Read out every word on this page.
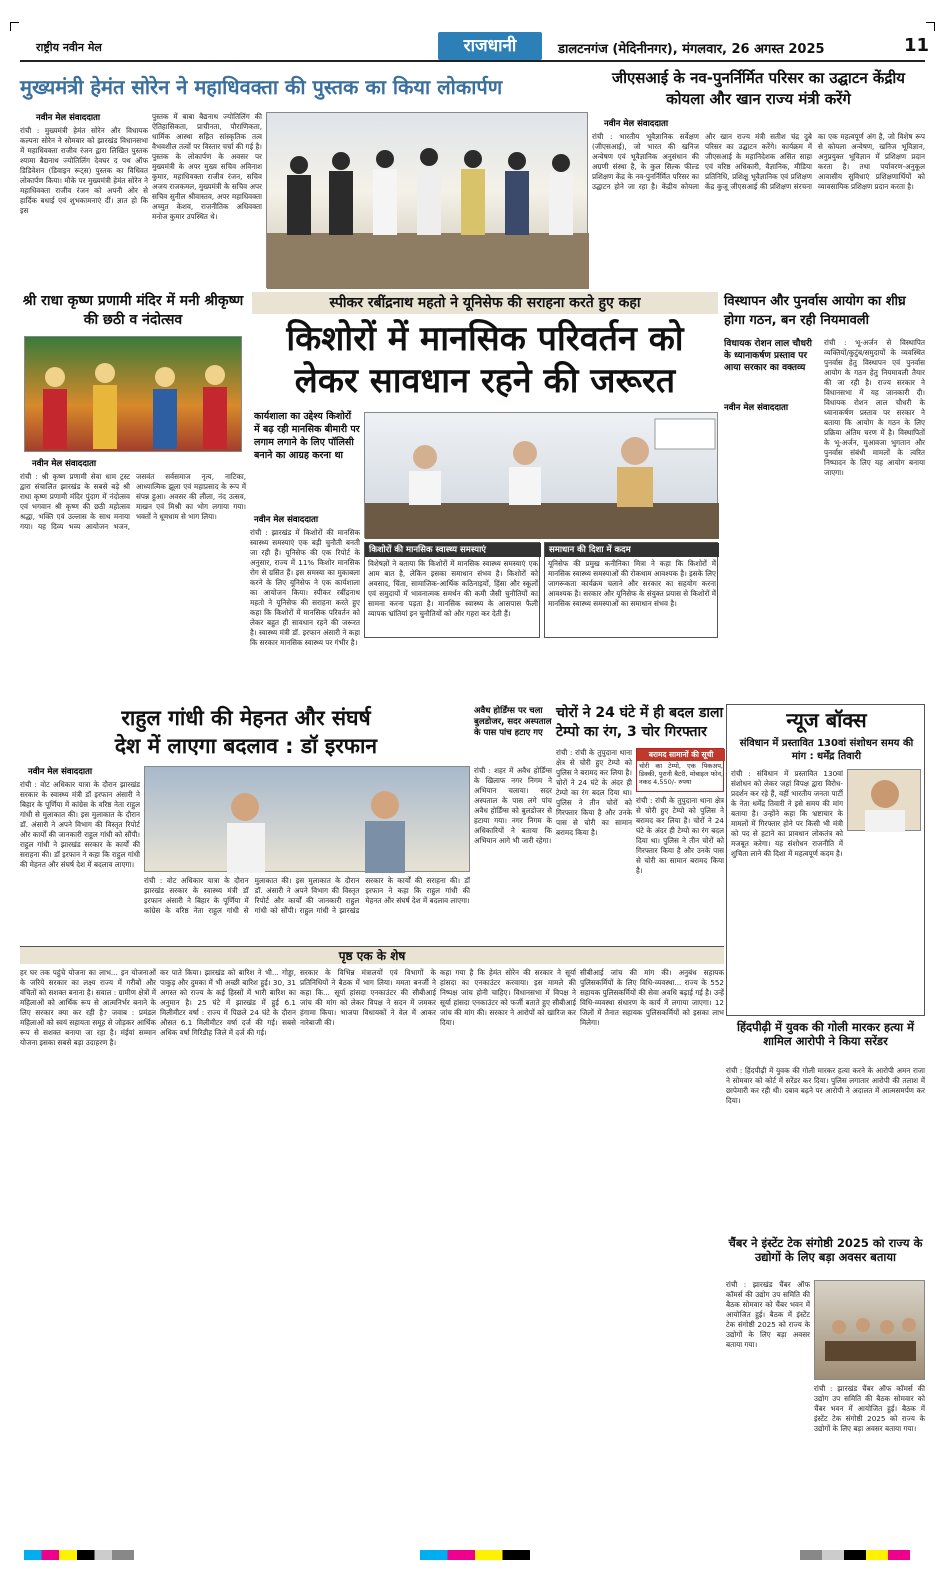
राष्ट्रीय नवीन मेल	राजधानी	डालटनगंज (मेदिनीनगर), मंगलवार, 26 अगस्त 2025	11
मुख्यमंत्री हेमंत सोरेन ने महाधिवक्ता की पुस्तक का किया लोकार्पण
नवीन मेल संवाददाता
रांची : मुख्यमंत्री हेमंत सोरेन और विधायक कल्पना सोरेन ने सोमवार को झारखंड विधानसभा में महाधिवक्ता राजीव रंजन द्वारा लिखित पुस्तक श्यामा बैद्यनाथ ज्योतिलिंग देवघर द पथ ऑफ डिडिवेशन (डिवाइन रूट्स) पुस्तक का विधिवत लोकार्पण किया। मौके पर मुख्यमंत्री हेमंत सोरेन ने महाधिवक्ता राजीव रंजन को अपनी ओर से हार्दिक बधाई एवं शुभकामनाएं दीं। ज्ञात हो कि इस
पुस्तक में बाबा बैद्यनाथ ज्योतिलिंग की ऐतिहासिकता, प्राचीनता, पौराणिकता, धार्मिक आस्था सहित सांस्कृतिक तत्व वैभवशील तत्वों पर विस्तार चर्चा की गई है। पुस्तक के लोकार्पण के अवसर पर मुख्यमंत्री के अपर मुख्य सचिव अविनाश कुमार, महाधिवक्ता राजीव रंजन, सचिव अजय राजकमल, मुख्यमंत्री के सचिव अपर सचिव सुनील श्रीवास्तव, अपर महाधिवक्ता अच्युत केशव, राजनीतिक अधिवक्ता मनोज कुमार उपस्थित थे।
जीएसआई के नव-पुनर्निर्मित परिसर का उद्घाटन केंद्रीय कोयला और खान राज्य मंत्री करेंगे
नवीन मेल संवाददाता
रांची : भारतीय भूवैज्ञानिक सर्वेक्षण (जीएसआई), जो भारत की खनिज अन्वेषण एवं भूवैज्ञानिक अनुसंधान की अग्रणी संस्था है, के कुल सिल्क फील्ड प्रशिक्षण केंद्र के नव-पुनर्निर्मित परिसर का उद्घाटन होने जा रहा है। केंद्रीय कोयला और खान राज्य मंत्री सतीश चंद्र दुबे परिसर का उद्घाटन करेंगे। कार्यक्रम में जीएसआई के महानिदेशक असित साहा एवं वरिष्ठ अधिकारी, वैज्ञानिक, मीडिया प्रतिनिधि, प्रशिक्षु भूवैज्ञानिक एवं प्रशिक्षण केंद्र कुजू जीएसआई की प्रशिक्षण संरचना का एक महत्वपूर्ण अंग है, जो विशेष रूप से कोयला अन्वेषण, खनिज भूविज्ञान, अनुप्रयुक्त भूविज्ञान में प्रशिक्षण प्रदान करता है। तथा पर्यावरण-अनुकूल आवासीय सुविधाएं प्रशिक्षणार्थियों को व्यावसायिक प्रशिक्षण प्रदान करता है।
श्री राधा कृष्ण प्रणामी मंदिर में मनी श्रीकृष्ण की छठी व नंदोत्सव
नवीन मेल संवाददाता
रांची : श्री कृष्ण प्रणामी सेवा धाम ट्रस्ट द्वारा संचालित झारखंड के सबसे बड़े श्री राधा कृष्ण प्रणामी मंदिर पुंदाग में नंदोत्सव एवं भगवान श्री कृष्ण की छठी महोत्सव श्रद्धा, भक्ति एवं उल्लास के साथ मनाया गया। यह दिव्य भव्य आयोजन भजन, जसवंत सर्वसमाज नृत्य, नाटिका, आध्यात्मिक झूला एवं महाप्रसाद के रूप में संपन्न हुआ। अवसर की लीला, नंद उत्सव, माखन एवं मिश्री का भोग लगाया गया। भक्तों ने धूमधाम से भाग लिया।
स्पीकर रबींद्रनाथ महतो ने यूनिसेफ की सराहना करते हुए कहा
किशोरों में मानसिक परिवर्तन को लेकर सावधान रहने की जरूरत
कार्यशाला का उद्देश्य किशोरों में बढ़ रही मानसिक बीमारी पर लगाम लगाने के लिए पॉलिसी बनाने का आग्रह करना था
नवीन मेल संवाददाता
रांची : झारखंड में किशोरों की मानसिक स्वास्थ्य समस्याएं एक बड़ी चुनौती बनती जा रही हैं। यूनिसेफ की एक रिपोर्ट के अनुसार, राज्य में 11% किशोर मानसिक रोग से ग्रसित हैं। इस समस्या का मुकाबला करने के लिए यूनिसेफ ने एक कार्यशाला का आयोजन किया। स्पीकर रबींद्रनाथ महतो ने यूनिसेफ की सराहना करते हुए कहा कि किशोरों में मानसिक परिवर्तन को लेकर बहुत ही सावधान रहने की जरूरत है। स्वास्थ्य मंत्री डॉ. इरफान अंसारी ने कहा कि सरकार मानसिक स्वास्थ्य पर गंभीर है।
किशोरों की मानसिक स्वास्थ्य समस्याएं
विशेषज्ञों ने बताया कि किशोरों में मानसिक स्वास्थ्य समस्याएं एक आम बात है, लेकिन इसका समाधान संभव है। किशोरों को अवसाद, चिंता, सामाजिक-आर्थिक कठिनाइयों, हिंसा और स्कूलों एवं समुदायों में भावनात्मक समर्थन की कमी जैसी चुनौतियों का सामना करना पड़ता है। मानसिक स्वास्थ्य के आसपास फैली व्यापक भ्रांतियां इन चुनौतियों को और गहरा कर देती हैं।
समाधान की दिशा में कदम
यूनिसेफ की प्रमुख कनीनिका मित्रा ने कहा कि किशोरों में मानसिक स्वास्थ्य समस्याओं की रोकथाम आवश्यक है। इसके लिए जागरूकता कार्यक्रम चलाने और सरकार का सहयोग करना आवश्यक है। सरकार और यूनिसेफ के संयुक्त प्रयास से किशोरों में मानसिक स्वास्थ्य समस्याओं का समाधान संभव है।
विस्थापन और पुनर्वास आयोग का शीघ्र होगा गठन, बन रही नियमावली
विधायक रोशन लाल चौधरी के ध्यानाकर्षण प्रस्ताव पर आया सरकार का वक्तव्य
नवीन मेल संवाददाता
रांची : भू-अर्जन से विस्थापित व्यक्तियों/कुटुंब/समुदायों के व्यवस्थित पुनर्वास हेतु विस्थापन एवं पुनर्वास आयोग के गठन हेतु नियमावली तैयार की जा रही है। राज्य सरकार ने विधानसभा में यह जानकारी दी। विधायक रोशन लाल चौधरी के ध्यानाकर्षण प्रस्ताव पर सरकार ने बताया कि आयोग के गठन के लिए प्रक्रिया अंतिम चरण में है। विस्थापितों के भू-अर्जन, मुआवजा भुगतान और पुनर्वास संबंधी मामलों के त्वरित निष्पादन के लिए यह आयोग बनाया जाएगा।
राहुल गांधी की मेहनत और संघर्ष
देश में लाएगा बदलाव : डॉ इरफान
नवीन मेल संवाददाता
रांची : वोट अधिकार यात्रा के दौरान झारखंड सरकार के स्वास्थ्य मंत्री डॉ इरफान अंसारी ने बिहार के पूर्णिया में कांग्रेस के वरिष्ठ नेता राहुल गांधी से मुलाकात की। इस मुलाकात के दौरान डॉ. अंसारी ने अपने विभाग की विस्तृत रिपोर्ट और कार्यों की जानकारी राहुल गांधी को सौंपी। राहुल गांधी ने झारखंड सरकार के कार्यों की सराहना की। डॉ इरफान ने कहा कि राहुल गांधी की मेहनत और संघर्ष देश में बदलाव लाएगा।
रांची : वोट अधिकार यात्रा के दौरान झारखंड सरकार के स्वास्थ्य मंत्री डॉ इरफान अंसारी ने बिहार के पूर्णिया में कांग्रेस के वरिष्ठ नेता राहुल गांधी से मुलाकात की। इस मुलाकात के दौरान डॉ. अंसारी ने अपने विभाग की विस्तृत रिपोर्ट और कार्यों की जानकारी राहुल गांधी को सौंपी। राहुल गांधी ने झारखंड सरकार के कार्यों की सराहना की। डॉ इरफान ने कहा कि राहुल गांधी की मेहनत और संघर्ष देश में बदलाव लाएगा।
अवैध होर्डिंग्स पर चला बुलडोजर, सदर अस्पताल के पास पांच हटाए गए
रांची : शहर में अवैध होर्डिंग्स के खिलाफ नगर निगम ने अभियान चलाया। सदर अस्पताल के पास लगे पांच अवैध होर्डिंग्स को बुलडोजर से हटाया गया। नगर निगम के अधिकारियों ने बताया कि अभियान आगे भी जारी रहेगा।
चोरों ने 24 घंटे में ही बदल डाला टेम्पो का रंग, 3 चोर गिरफ्तार
रांची : रांची के तुपुदाना थाना क्षेत्र से चोरी हुए टेम्पो को पुलिस ने बरामद कर लिया है। चोरों ने 24 घंटे के अंदर ही टेम्पो का रंग बदल दिया था। पुलिस ने तीन चोरों को गिरफ्तार किया है और उनके पास से चोरी का सामान बरामद किया है।
बरामद सामानों की सूची
चोरी का टेम्पो, एक पिकअप, डिक्की, पुरानी बैटरी, मोबाइल फोन, नकद 4,550/- रुपया
रांची : रांची के तुपुदाना थाना क्षेत्र से चोरी हुए टेम्पो को पुलिस ने बरामद कर लिया है। चोरों ने 24 घंटे के अंदर ही टेम्पो का रंग बदल दिया था। पुलिस ने तीन चोरों को गिरफ्तार किया है और उनके पास से चोरी का सामान बरामद किया है।
न्यूज बॉक्स
संविधान में प्रस्तावित 130वां संशोधन समय की मांग : धर्मेंद्र तिवारी
रांची : संविधान में प्रस्तावित 130वां संशोधन को लेकर जहां विपक्ष द्वारा विरोध-प्रदर्शन कर रहे हैं, वहीं भारतीय जनता पार्टी के नेता धर्मेंद्र तिवारी ने इसे समय की मांग बताया है। उन्होंने कहा कि भ्रष्टाचार के मामलों में गिरफ्तार होने पर किसी भी मंत्री को पद से हटाने का प्रावधान लोकतंत्र को मजबूत करेगा। यह संशोधन राजनीति में शुचिता लाने की दिशा में महत्वपूर्ण कदम है।
पृष्ठ एक के शेष
हर घर तक पहुंचे योजना का लाभ... इन योजनाओं के जरिये सरकार का लक्ष्य राज्य में गरीबों और वंचितों को सशक्त बनाना है। सवाल : ग्रामीण क्षेत्रों में महिलाओं को आर्थिक रूप से आत्मनिर्भर बनाने के लिए सरकार क्या कर रही है? जवाब : प्रमंडल महिलाओं को स्वयं सहायता समूह से जोड़कर आर्थिक रूप से सशक्त बनाया जा रहा है। मंईयां सम्मान योजना इसका सबसे बड़ा उदाहरण है।
कर पाते किया। झारखंड को बारिश ने भी... गोड्डा, पाकुड़ और दुमका में भी अच्छी बारिश हुई। 30, 31 अगस्त को राज्य के कई हिस्सों में भारी बारिश का अनुमान है। 25 घंटे में झारखंड में हुई 6.1 मिलीमीटर वर्षा : राज्य में पिछले 24 घंटे के दौरान औसत 6.1 मिलीमीटर वर्षा दर्ज की गई। सबसे अधिक वर्षा गिरिडीह जिले में दर्ज की गई।
सरकार के विभिन्न मंत्रालयों एवं विभागों के प्रतिनिधियों ने बैठक में भाग लिया। ममता बनर्जी ने कहा कि... सूर्या हांसदा एनकाउंटर की सीबीआई जांच की मांग को लेकर विपक्ष ने सदन में जमकर हंगामा किया। भाजपा विधायकों ने वेल में आकर नारेबाजी की।
कहा गया है कि हेमंत सोरेन की सरकार ने सूर्या हांसदा का एनकाउंटर करवाया। इस मामले की निष्पक्ष जांच होनी चाहिए। विधानसभा में विपक्ष ने सूर्या हांसदा एनकाउंटर को फर्जी बताते हुए सीबीआई जांच की मांग की। सरकार ने आरोपों को खारिज कर दिया।
सीबीआई जांच की मांग की। अनुबंध सहायक पुलिसकर्मियों के लिए विधि-व्यवस्था... राज्य के 552 सहायक पुलिसकर्मियों की सेवा अवधि बढ़ाई गई है। उन्हें विधि-व्यवस्था संधारण के कार्य में लगाया जाएगा। 12 जिलों में तैनात सहायक पुलिसकर्मियों को इसका लाभ मिलेगा।	हिंदपीढ़ी में युवक की गोली मारकर हत्या में शामिल आरोपी ने किया सरेंडर
रांची : हिंदपीढ़ी में युवक की गोली मारकर हत्या करने के आरोपी अमन राजा ने सोमवार को कोर्ट में सरेंडर कर दिया। पुलिस लगातार आरोपी की तलाश में छापेमारी कर रही थी। दबाव बढ़ने पर आरोपी ने अदालत में आत्मसमर्पण कर दिया।
चैंबर ने इंस्टेंट टेक संगोष्ठी 2025 को राज्य के उद्योगों के लिए बड़ा अवसर बताया
रांची : झारखंड चैंबर ऑफ कॉमर्स की उद्योग उप समिति की बैठक सोमवार को चैंबर भवन में आयोजित हुई। बैठक में इंस्टेंट टेक संगोष्ठी 2025 को राज्य के उद्योगों के लिए बड़ा अवसर बताया गया।
रांची : झारखंड चैंबर ऑफ कॉमर्स की उद्योग उप समिति की बैठक सोमवार को चैंबर भवन में आयोजित हुई। बैठक में इंस्टेंट टेक संगोष्ठी 2025 को राज्य के उद्योगों के लिए बड़ा अवसर बताया गया।
